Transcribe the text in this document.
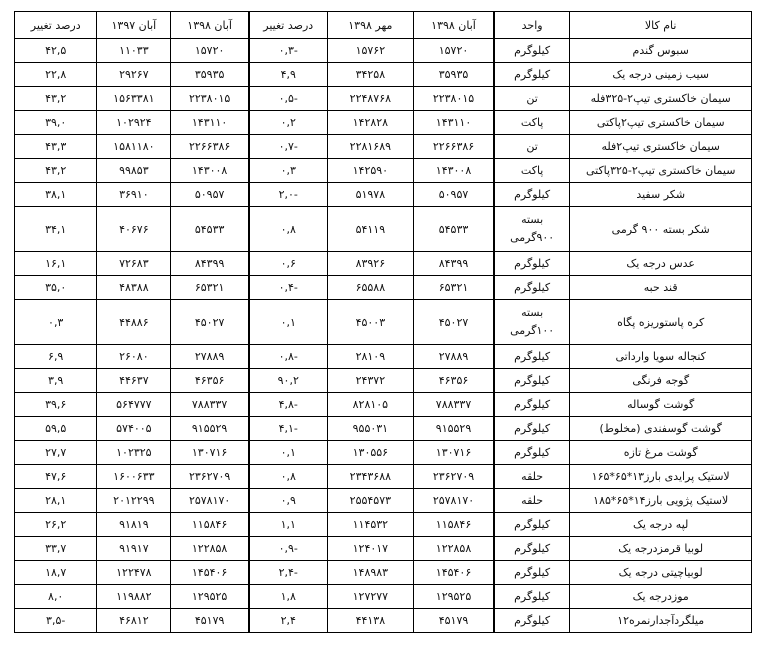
نام کالا	واحد	آبان ۱۳۹۸	مهر ۱۳۹۸	درصد تغییر	آبان ۱۳۹۸	آبان ۱۳۹۷	درصد تغییر
سبوس گندم	کیلوگرم	۱۵۷۲۰	۱۵۷۶۲	-۰,۳	۱۵۷۲۰	۱۱۰۳۳	۴۲,۵
سیب زمینی درجه یک	کیلوگرم	۳۵۹۳۵	۳۴۲۵۸	۴,۹	۳۵۹۳۵	۲۹۲۶۷	۲۲,۸
سیمان خاکستری تیپ۲-۳۲۵فله	تن	۲۲۳۸۰۱۵	۲۲۴۸۷۶۸	-۰,۵	۲۲۳۸۰۱۵	۱۵۶۳۳۸۱	۴۳,۲
سیمان خاکستری تیپ۲پاکتی	پاکت	۱۴۳۱۱۰	۱۴۲۸۲۸	۰,۲	۱۴۳۱۱۰	۱۰۲۹۲۴	۳۹,۰
سیمان خاکستری تیپ۲فله	تن	۲۲۶۶۳۸۶	۲۲۸۱۶۸۹	-۰,۷	۲۲۶۶۳۸۶	۱۵۸۱۱۸۰	۴۳,۳
سیمان خاکستری تیپ۲-۳۲۵پاکتی	پاکت	۱۴۳۰۰۸	۱۴۲۵۹۰	۰,۳	۱۴۳۰۰۸	۹۹۸۵۳	۴۳,۲
شکر سفید	کیلوگرم	۵۰۹۵۷	۵۱۹۷۸	-۲,۰	۵۰۹۵۷	۳۶۹۱۰	۳۸,۱
شکر بسته ۹۰۰ گرمی	بسته ۹۰۰گرمی	۵۴۵۳۳	۵۴۱۱۹	۰,۸	۵۴۵۳۳	۴۰۶۷۶	۳۴,۱
عدس درجه یک	کیلوگرم	۸۴۳۹۹	۸۳۹۲۶	۰,۶	۸۴۳۹۹	۷۲۶۸۳	۱۶,۱
قند حبه	کیلوگرم	۶۵۳۲۱	۶۵۵۸۸	-۰,۴	۶۵۳۲۱	۴۸۳۸۸	۳۵,۰
کره پاستوریزه پگاه	بسته ۱۰۰گرمی	۴۵۰۲۷	۴۵۰۰۳	۰,۱	۴۵۰۲۷	۴۴۸۸۶	۰,۳
کنجاله سویا وارداتی	کیلوگرم	۲۷۸۸۹	۲۸۱۰۹	-۰,۸	۲۷۸۸۹	۲۶۰۸۰	۶,۹
گوجه فرنگی	کیلوگرم	۴۶۳۵۶	۲۴۳۷۲	۹۰,۲	۴۶۳۵۶	۴۴۶۳۷	۳,۹
گوشت گوساله	کیلوگرم	۷۸۸۳۳۷	۸۲۸۱۰۵	-۴,۸	۷۸۸۳۳۷	۵۶۴۷۷۷	۳۹,۶
گوشت گوسفندی (مخلوط)	کیلوگرم	۹۱۵۵۲۹	۹۵۵۰۳۱	-۴,۱	۹۱۵۵۲۹	۵۷۴۰۰۵	۵۹,۵
گوشت مرغ تازه	کیلوگرم	۱۳۰۷۱۶	۱۳۰۵۵۶	۰,۱	۱۳۰۷۱۶	۱۰۲۳۲۵	۲۷,۷
لاستیک پرایدی بارز۱۳*۶۵*۱۶۵	حلقه	۲۳۶۲۷۰۹	۲۳۴۳۶۸۸	۰,۸	۲۳۶۲۷۰۹	۱۶۰۰۶۳۳	۴۷,۶
لاستیک پژویی بارز۱۴*۶۵*۱۸۵	حلقه	۲۵۷۸۱۷۰	۲۵۵۴۵۷۳	۰,۹	۲۵۷۸۱۷۰	۲۰۱۲۲۹۹	۲۸,۱
لپه درجه یک	کیلوگرم	۱۱۵۸۴۶	۱۱۴۵۳۲	۱,۱	۱۱۵۸۴۶	۹۱۸۱۹	۲۶,۲
لوبیا قرمزدرجه یک	کیلوگرم	۱۲۲۸۵۸	۱۲۴۰۱۷	-۰,۹	۱۲۲۸۵۸	۹۱۹۱۷	۳۳,۷
لوبیاچیتی درجه یک	کیلوگرم	۱۴۵۴۰۶	۱۴۸۹۸۳	-۲,۴	۱۴۵۴۰۶	۱۲۲۴۷۸	۱۸,۷
موزدرجه یک	کیلوگرم	۱۲۹۵۲۵	۱۲۷۲۷۷	۱,۸	۱۲۹۵۲۵	۱۱۹۸۸۲	۸,۰
میلگردآجدارنمره۱۲	کیلوگرم	۴۵۱۷۹	۴۴۱۳۸	۲,۴	۴۵۱۷۹	۴۶۸۱۲	-۳,۵
